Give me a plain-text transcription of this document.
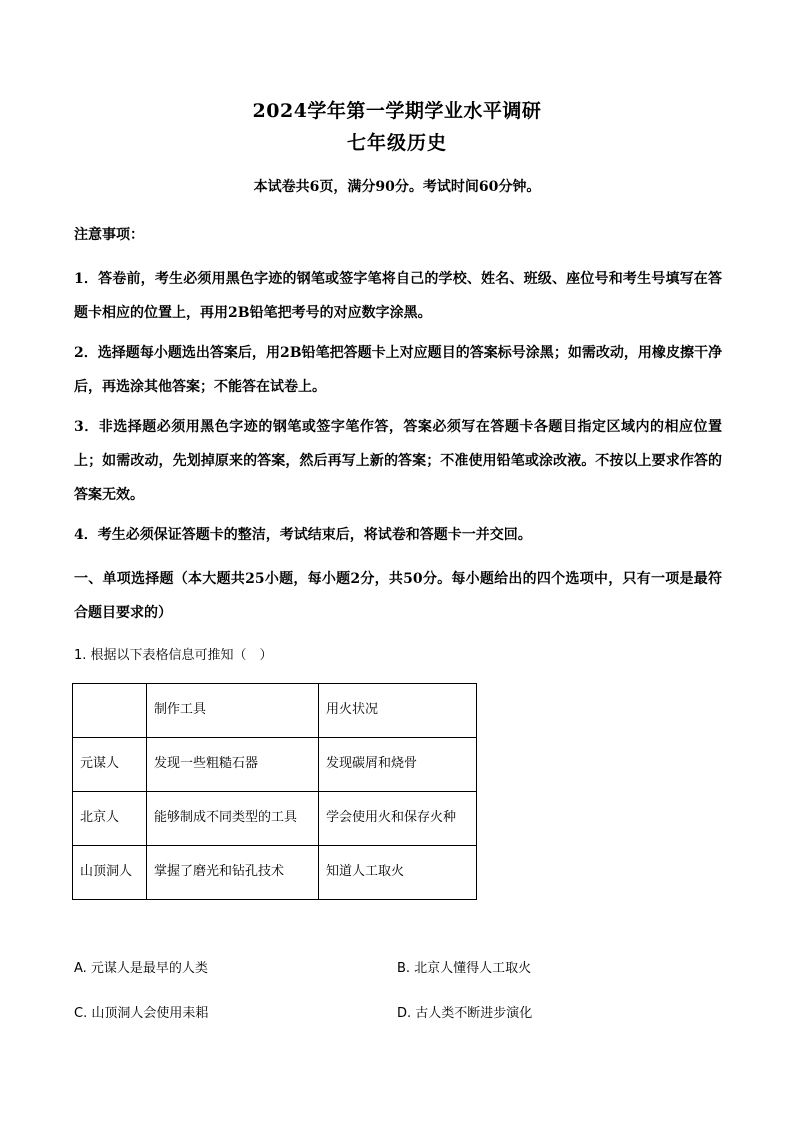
2024学年第一学期学业水平调研
七年级历史
本试卷共6页，满分90分。考试时间60分钟。
注意事项：
1．答卷前，考生必须用黑色字迹的钢笔或签字笔将自己的学校、姓名、班级、座位号和考生号填写在答题卡相应的位置上，再用2B铅笔把考号的对应数字涂黑。
2．选择题每小题选出答案后，用2B铅笔把答题卡上对应题目的答案标号涂黑；如需改动，用橡皮擦干净后，再选涂其他答案；不能答在试卷上。
3．非选择题必须用黑色字迹的钢笔或签字笔作答，答案必须写在答题卡各题目指定区域内的相应位置上；如需改动，先划掉原来的答案，然后再写上新的答案；不准使用铅笔或涂改液。不按以上要求作答的答案无效。
4．考生必须保证答题卡的整洁，考试结束后，将试卷和答题卡一并交回。
一、单项选择题（本大题共25小题，每小题2分，共50分。每小题给出的四个选项中，只有一项是最符合题目要求的）
1. 根据以下表格信息可推知（　）
	制作工具	用火状况
元谋人	发现一些粗糙石器	发现碳屑和烧骨
北京人	能够制成不同类型的工具	学会使用火和保存火种
山顶洞人	掌握了磨光和钻孔技术	知道人工取火
A. 元谋人是最早的人类	B. 北京人懂得人工取火
C. 山顶洞人会使用耒耜	D. 古人类不断进步演化
